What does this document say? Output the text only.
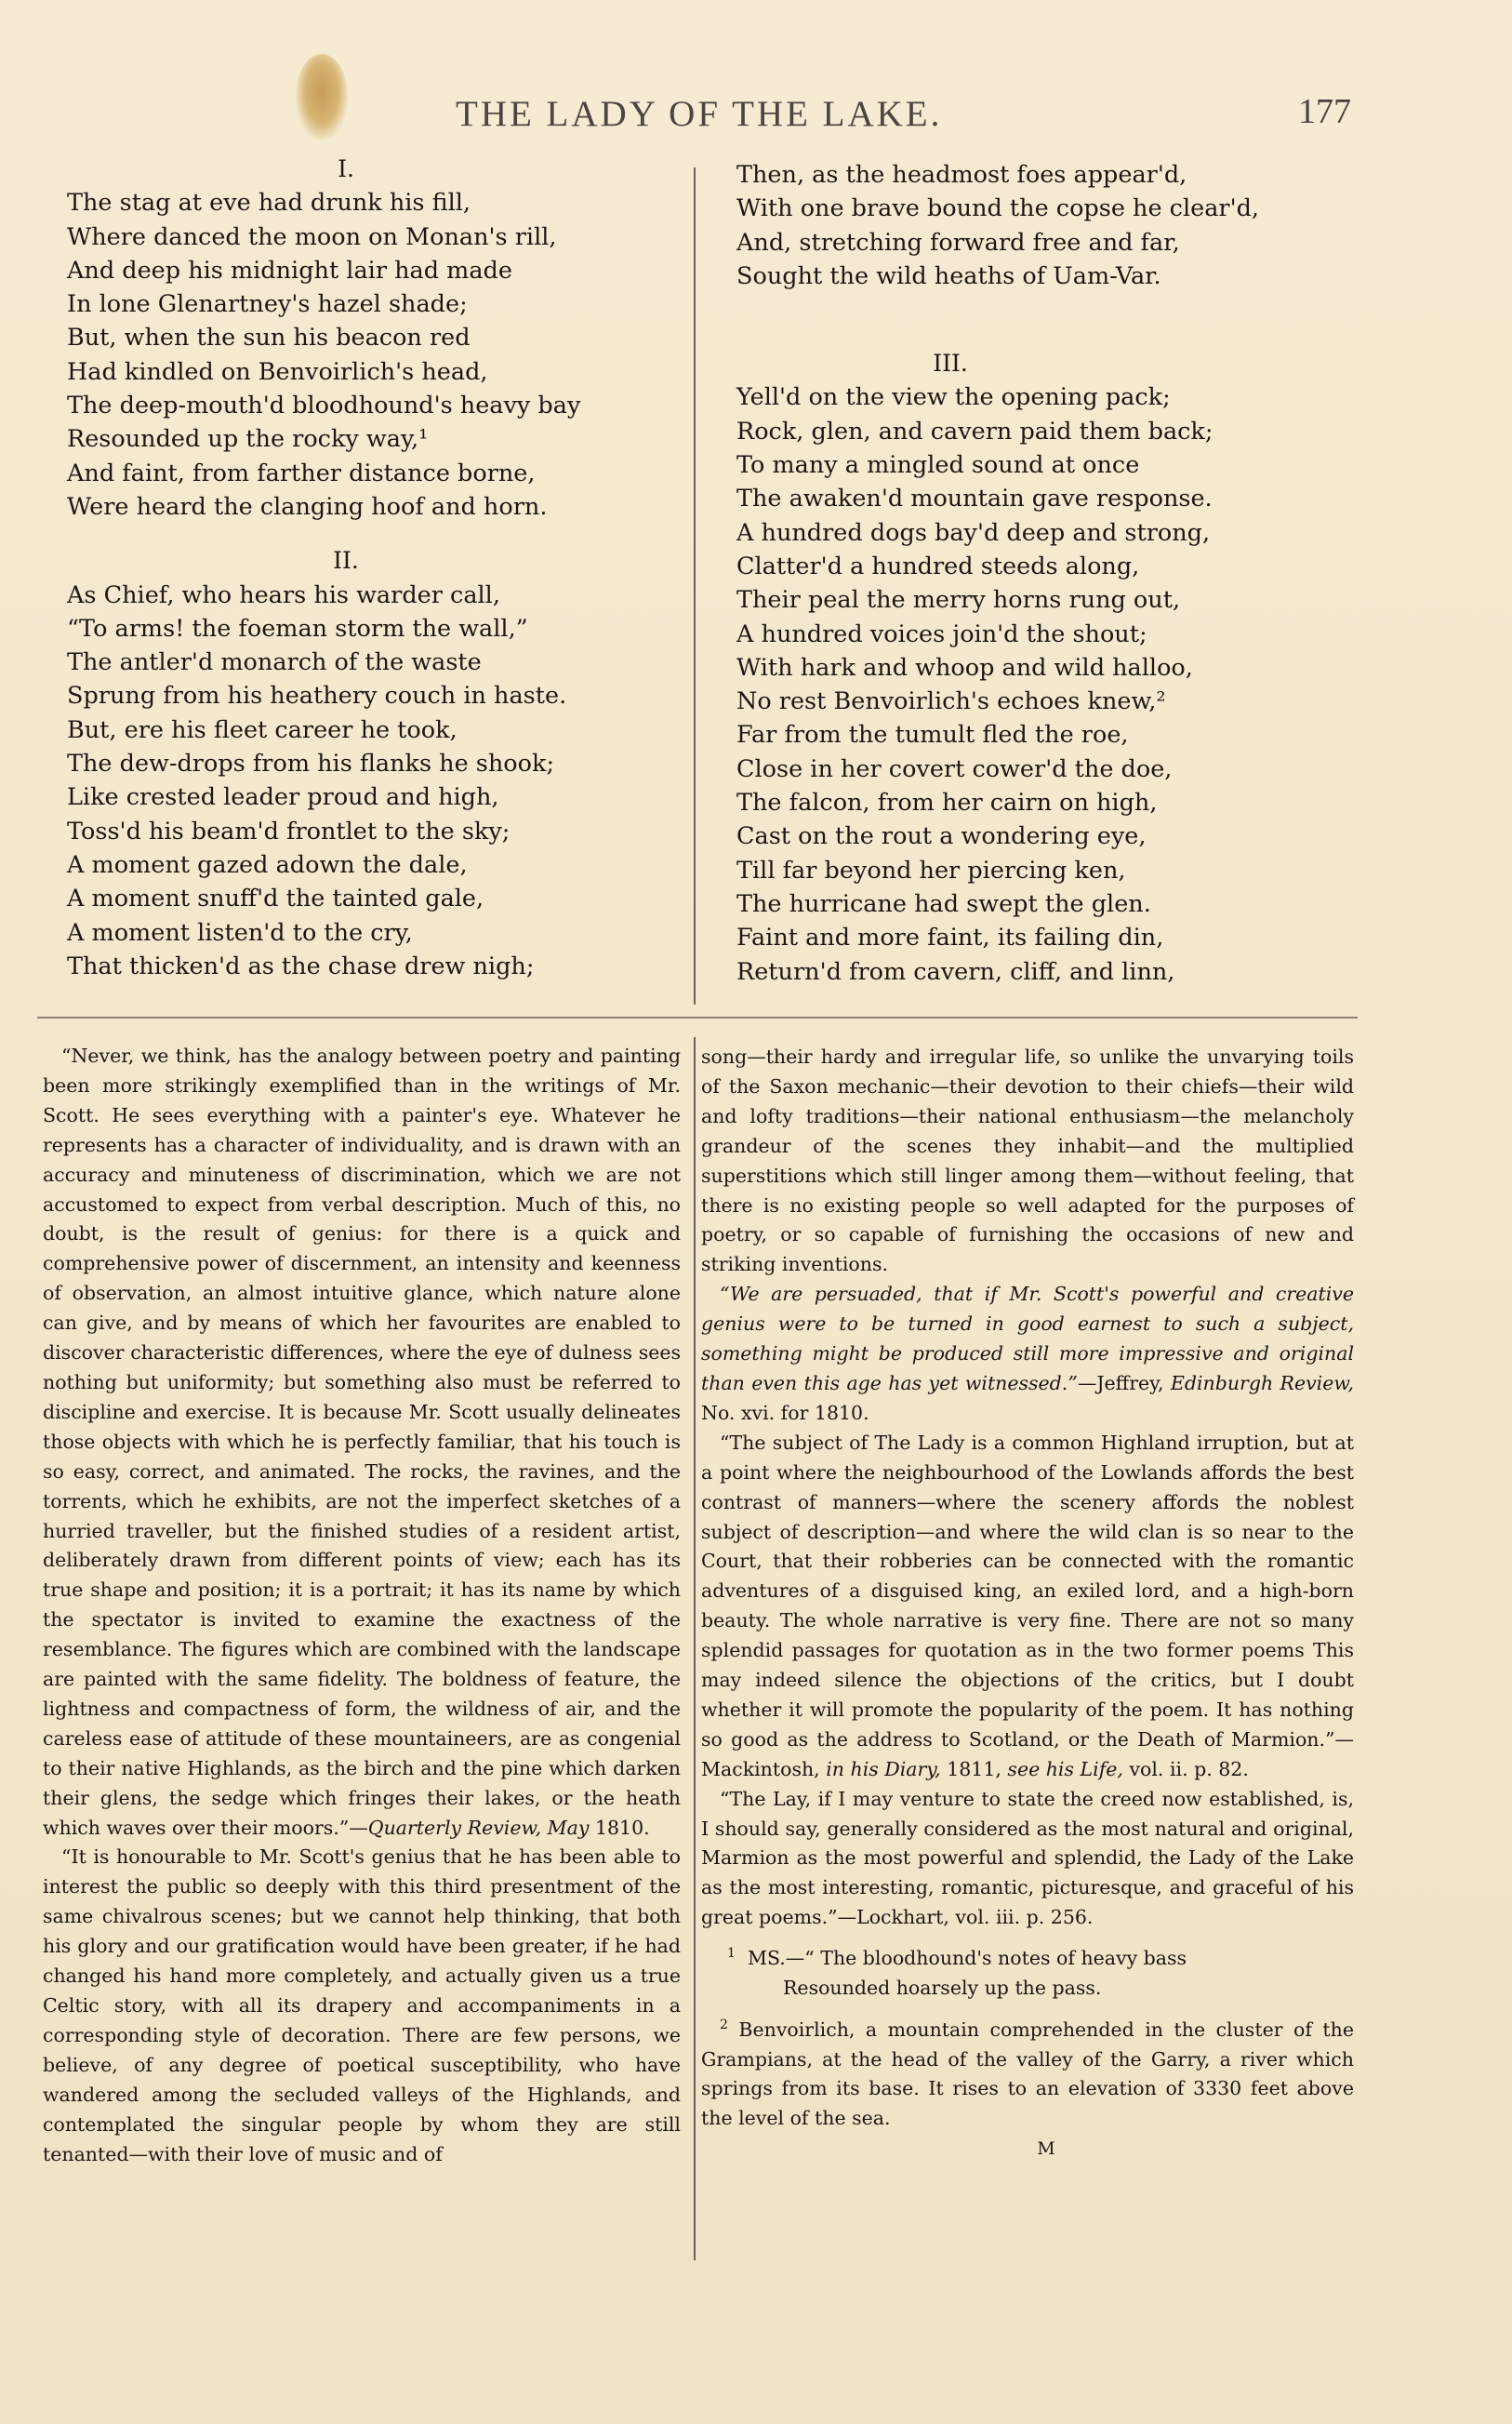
THE LADY OF THE LAKE.	177
I.
The stag at eve had drunk his fill,
Where danced the moon on Monan's rill,
And deep his midnight lair had made
In lone Glenartney's hazel shade;
But, when the sun his beacon red
Had kindled on Benvoirlich's head,
The deep-mouth'd bloodhound's heavy bay
Resounded up the rocky way,¹
And faint, from farther distance borne,
Were heard the clanging hoof and horn.
II.
As Chief, who hears his warder call,
“To arms! the foeman storm the wall,”
The antler'd monarch of the waste
Sprung from his heathery couch in haste.
But, ere his fleet career he took,
The dew-drops from his flanks he shook;
Like crested leader proud and high,
Toss'd his beam'd frontlet to the sky;
A moment gazed adown the dale,
A moment snuff'd the tainted gale,
A moment listen'd to the cry,
That thicken'd as the chase drew nigh;
Then, as the headmost foes appear'd,
With one brave bound the copse he clear'd,
And, stretching forward free and far,
Sought the wild heaths of Uam-Var.
III.
Yell'd on the view the opening pack;
Rock, glen, and cavern paid them back;
To many a mingled sound at once
The awaken'd mountain gave response.
A hundred dogs bay'd deep and strong,
Clatter'd a hundred steeds along,
Their peal the merry horns rung out,
A hundred voices join'd the shout;
With hark and whoop and wild halloo,
No rest Benvoirlich's echoes knew,²
Far from the tumult fled the roe,
Close in her covert cower'd the doe,
The falcon, from her cairn on high,
Cast on the rout a wondering eye,
Till far beyond her piercing ken,
The hurricane had swept the glen.
Faint and more faint, its failing din,
Return'd from cavern, cliff, and linn,

“Never, we think, has the analogy between poetry and painting been more strikingly exemplified than in the writings of Mr. Scott. He sees everything with a painter's eye. Whatever he represents has a character of individuality, and is drawn with an accuracy and minuteness of discrimination, which we are not accustomed to expect from verbal description. Much of this, no doubt, is the result of genius: for there is a quick and comprehensive power of discernment, an intensity and keenness of observation, an almost intuitive glance, which nature alone can give, and by means of which her favourites are enabled to discover characteristic differences, where the eye of dulness sees nothing but uniformity; but something also must be referred to discipline and exercise. It is because Mr. Scott usually delineates those objects with which he is perfectly familiar, that his touch is so easy, correct, and animated. The rocks, the ravines, and the torrents, which he exhibits, are not the imperfect sketches of a hurried traveller, but the finished studies of a resident artist, deliberately drawn from different points of view; each has its true shape and position; it is a portrait; it has its name by which the spectator is invited to examine the exactness of the resemblance. The figures which are combined with the landscape are painted with the same fidelity. The boldness of feature, the lightness and compactness of form, the wildness of air, and the careless ease of attitude of these mountaineers, are as congenial to their native Highlands, as the birch and the pine which darken their glens, the sedge which fringes their lakes, or the heath which waves over their moors.”—Quarterly Review, May 1810.

“It is honourable to Mr. Scott's genius that he has been able to interest the public so deeply with this third presentment of the same chivalrous scenes; but we cannot help thinking, that both his glory and our gratification would have been greater, if he had changed his hand more completely, and actually given us a true Celtic story, with all its drapery and accompaniments in a corresponding style of decoration. There are few persons, we believe, of any degree of poetical susceptibility, who have wandered among the secluded valleys of the Highlands, and contemplated the singular people by whom they are still tenanted—with their love of music and of

song—their hardy and irregular life, so unlike the unvarying toils of the Saxon mechanic—their devotion to their chiefs—their wild and lofty traditions—their national enthusiasm—the melancholy grandeur of the scenes they inhabit—and the multiplied superstitions which still linger among them—without feeling, that there is no existing people so well adapted for the purposes of poetry, or so capable of furnishing the occasions of new and striking inventions.

“We are persuaded, that if Mr. Scott's powerful and creative genius were to be turned in good earnest to such a subject, something might be produced still more impressive and original than even this age has yet witnessed.”—Jeffrey, Edinburgh Review, No. xvi. for 1810.

“The subject of The Lady is a common Highland irruption, but at a point where the neighbourhood of the Lowlands affords the best contrast of manners—where the scenery affords the noblest subject of description—and where the wild clan is so near to the Court, that their robberies can be connected with the romantic adventures of a disguised king, an exiled lord, and a high-born beauty. The whole narrative is very fine. There are not so many splendid passages for quotation as in the two former poems This may indeed silence the objections of the critics, but I doubt whether it will promote the popularity of the poem. It has nothing so good as the address to Scotland, or the Death of Marmion.”—Mackintosh, in his Diary, 1811, see his Life, vol. ii. p. 82.

“The Lay, if I may venture to state the creed now established, is, I should say, generally considered as the most natural and original, Marmion as the most powerful and splendid, the Lady of the Lake as the most interesting, romantic, picturesque, and graceful of his great poems.”—Lockhart, vol. iii. p. 256.

$^1$ MS.—“ The bloodhound's notes of heavy bass
Resounded hoarsely up the pass.
$^2$ Benvoirlich, a mountain comprehended in the cluster of the Grampians, at the head of the valley of the Garry, a river which springs from its base. It rises to an elevation of 3330 feet above the level of the sea.
M
